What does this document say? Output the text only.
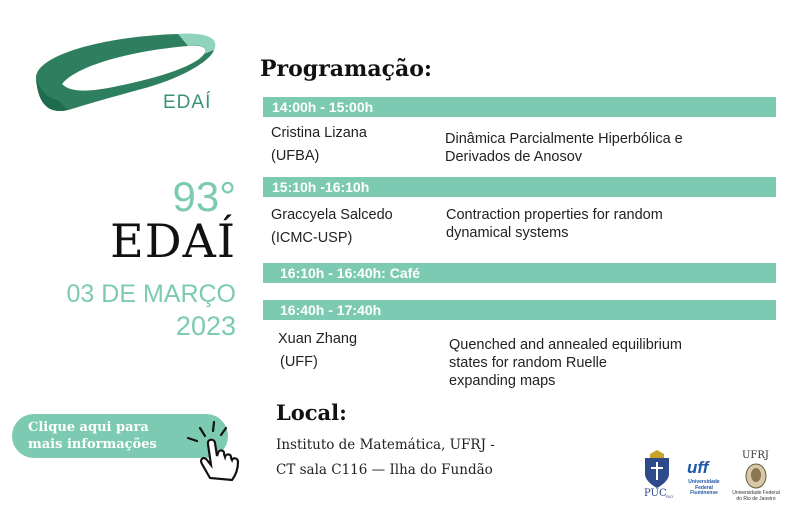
EDAÍ
93°
EDAÍ
03 DE MARÇO
2023
Clique aqui para
mais informações
Programação:
14:00h - 15:00h
Cristina Lizana
(UFBA)
Dinâmica Parcialmente Hiperbólica e
Derivados de Anosov
15:10h -16:10h
Graccyela Salcedo
(ICMC-USP)
Contraction properties for random
dynamical systems
16:10h - 16:40h: Café
16:40h - 17:40h
Xuan Zhang
(UFF)
Quenched and annealed equilibrium
states for random Ruelle
expanding maps
Local:
Instituto de Matemática, UFRJ -
CT sala C116 — Ilha do Fundão
PUC RIO
uff
Universidade
Federal
Fluminense
UFRJ
Universidade Federal
do Rio de Janeiro
